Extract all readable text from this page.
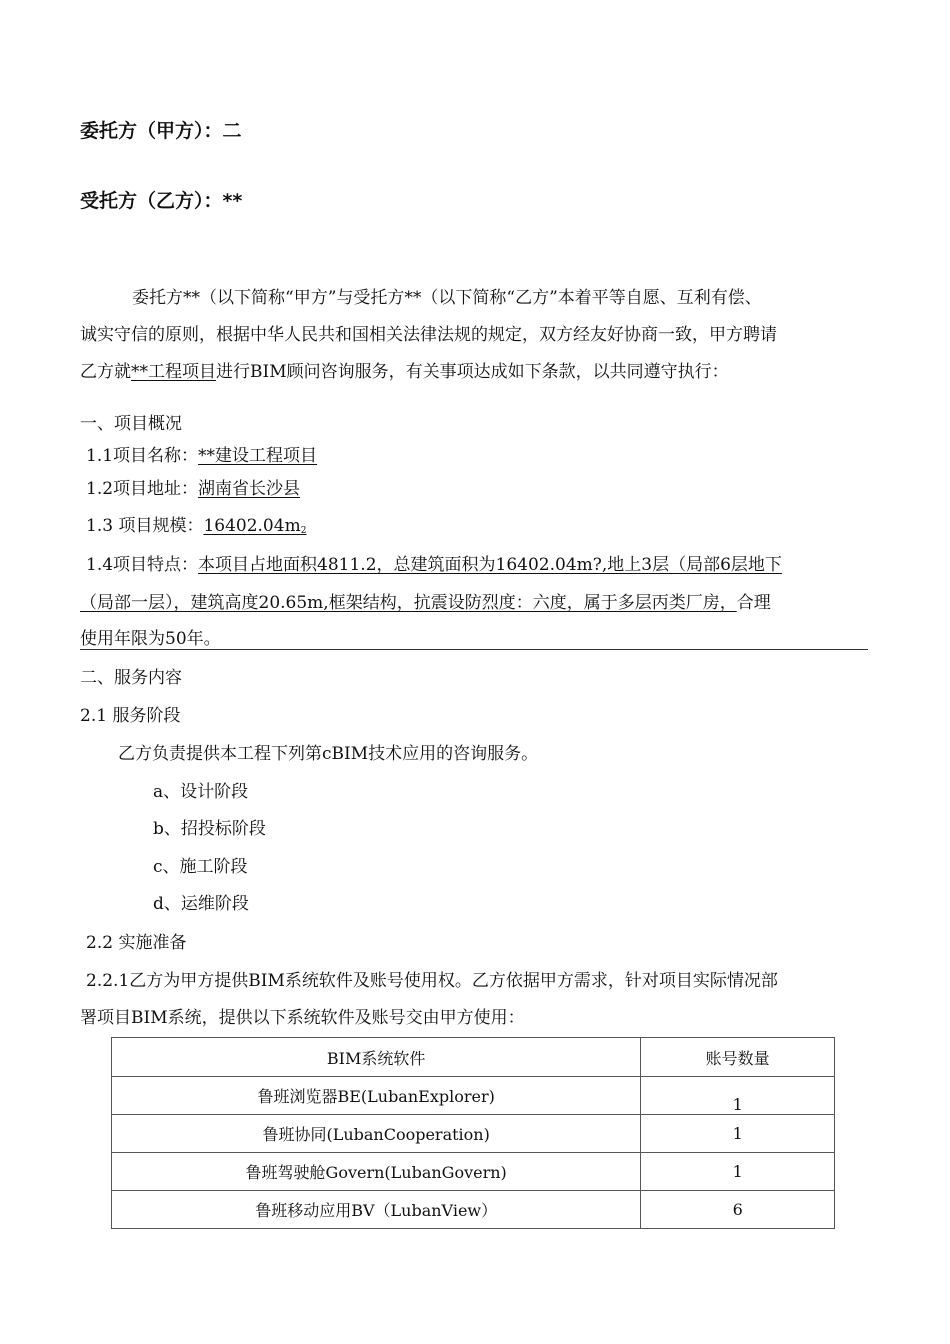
委托方（甲方）：二
受托方（乙方）：**
委托方**（以下简称“甲方”与受托方**（以下简称“乙方”本着平等自愿、互利有偿、
诚实守信的原则，根据中华人民共和国相关法律法规的规定，双方经友好协商一致，甲方聘请
乙方就**工程项目进行BIM顾问咨询服务，有关事项达成如下条款，以共同遵守执行：
一、项目概况
1.1项目名称：**建设工程项目
1.2项目地址：湖南省长沙县
1.3 项目规模：$16402.04m_2$
1.4项目特点：本项目占地面积4811.2，总建筑面积为16402.04m?,地上3层（局部6层地下
（局部一层），建筑高度20.65m,框架结构，抗震设防烈度：六度，属于多层丙类厂房，合理
使用年限为50年。
二、服务内容
2.1 服务阶段
乙方负责提供本工程下列第cBIM技术应用的咨询服务。
a、设计阶段
b、招投标阶段
c、施工阶段
d、运维阶段
2.2 实施准备
2.2.1乙方为甲方提供BIM系统软件及账号使用权。乙方依据甲方需求，针对项目实际情况部
署项目BIM系统，提供以下系统软件及账号交由甲方使用：
BIM系统软件	账号数量
鲁班浏览器BE(LubanExplorer)	1
鲁班协同(LubanCooperation)	1
鲁班驾驶舱Govern(LubanGovern)	1
鲁班移动应用BV（LubanView）	6
